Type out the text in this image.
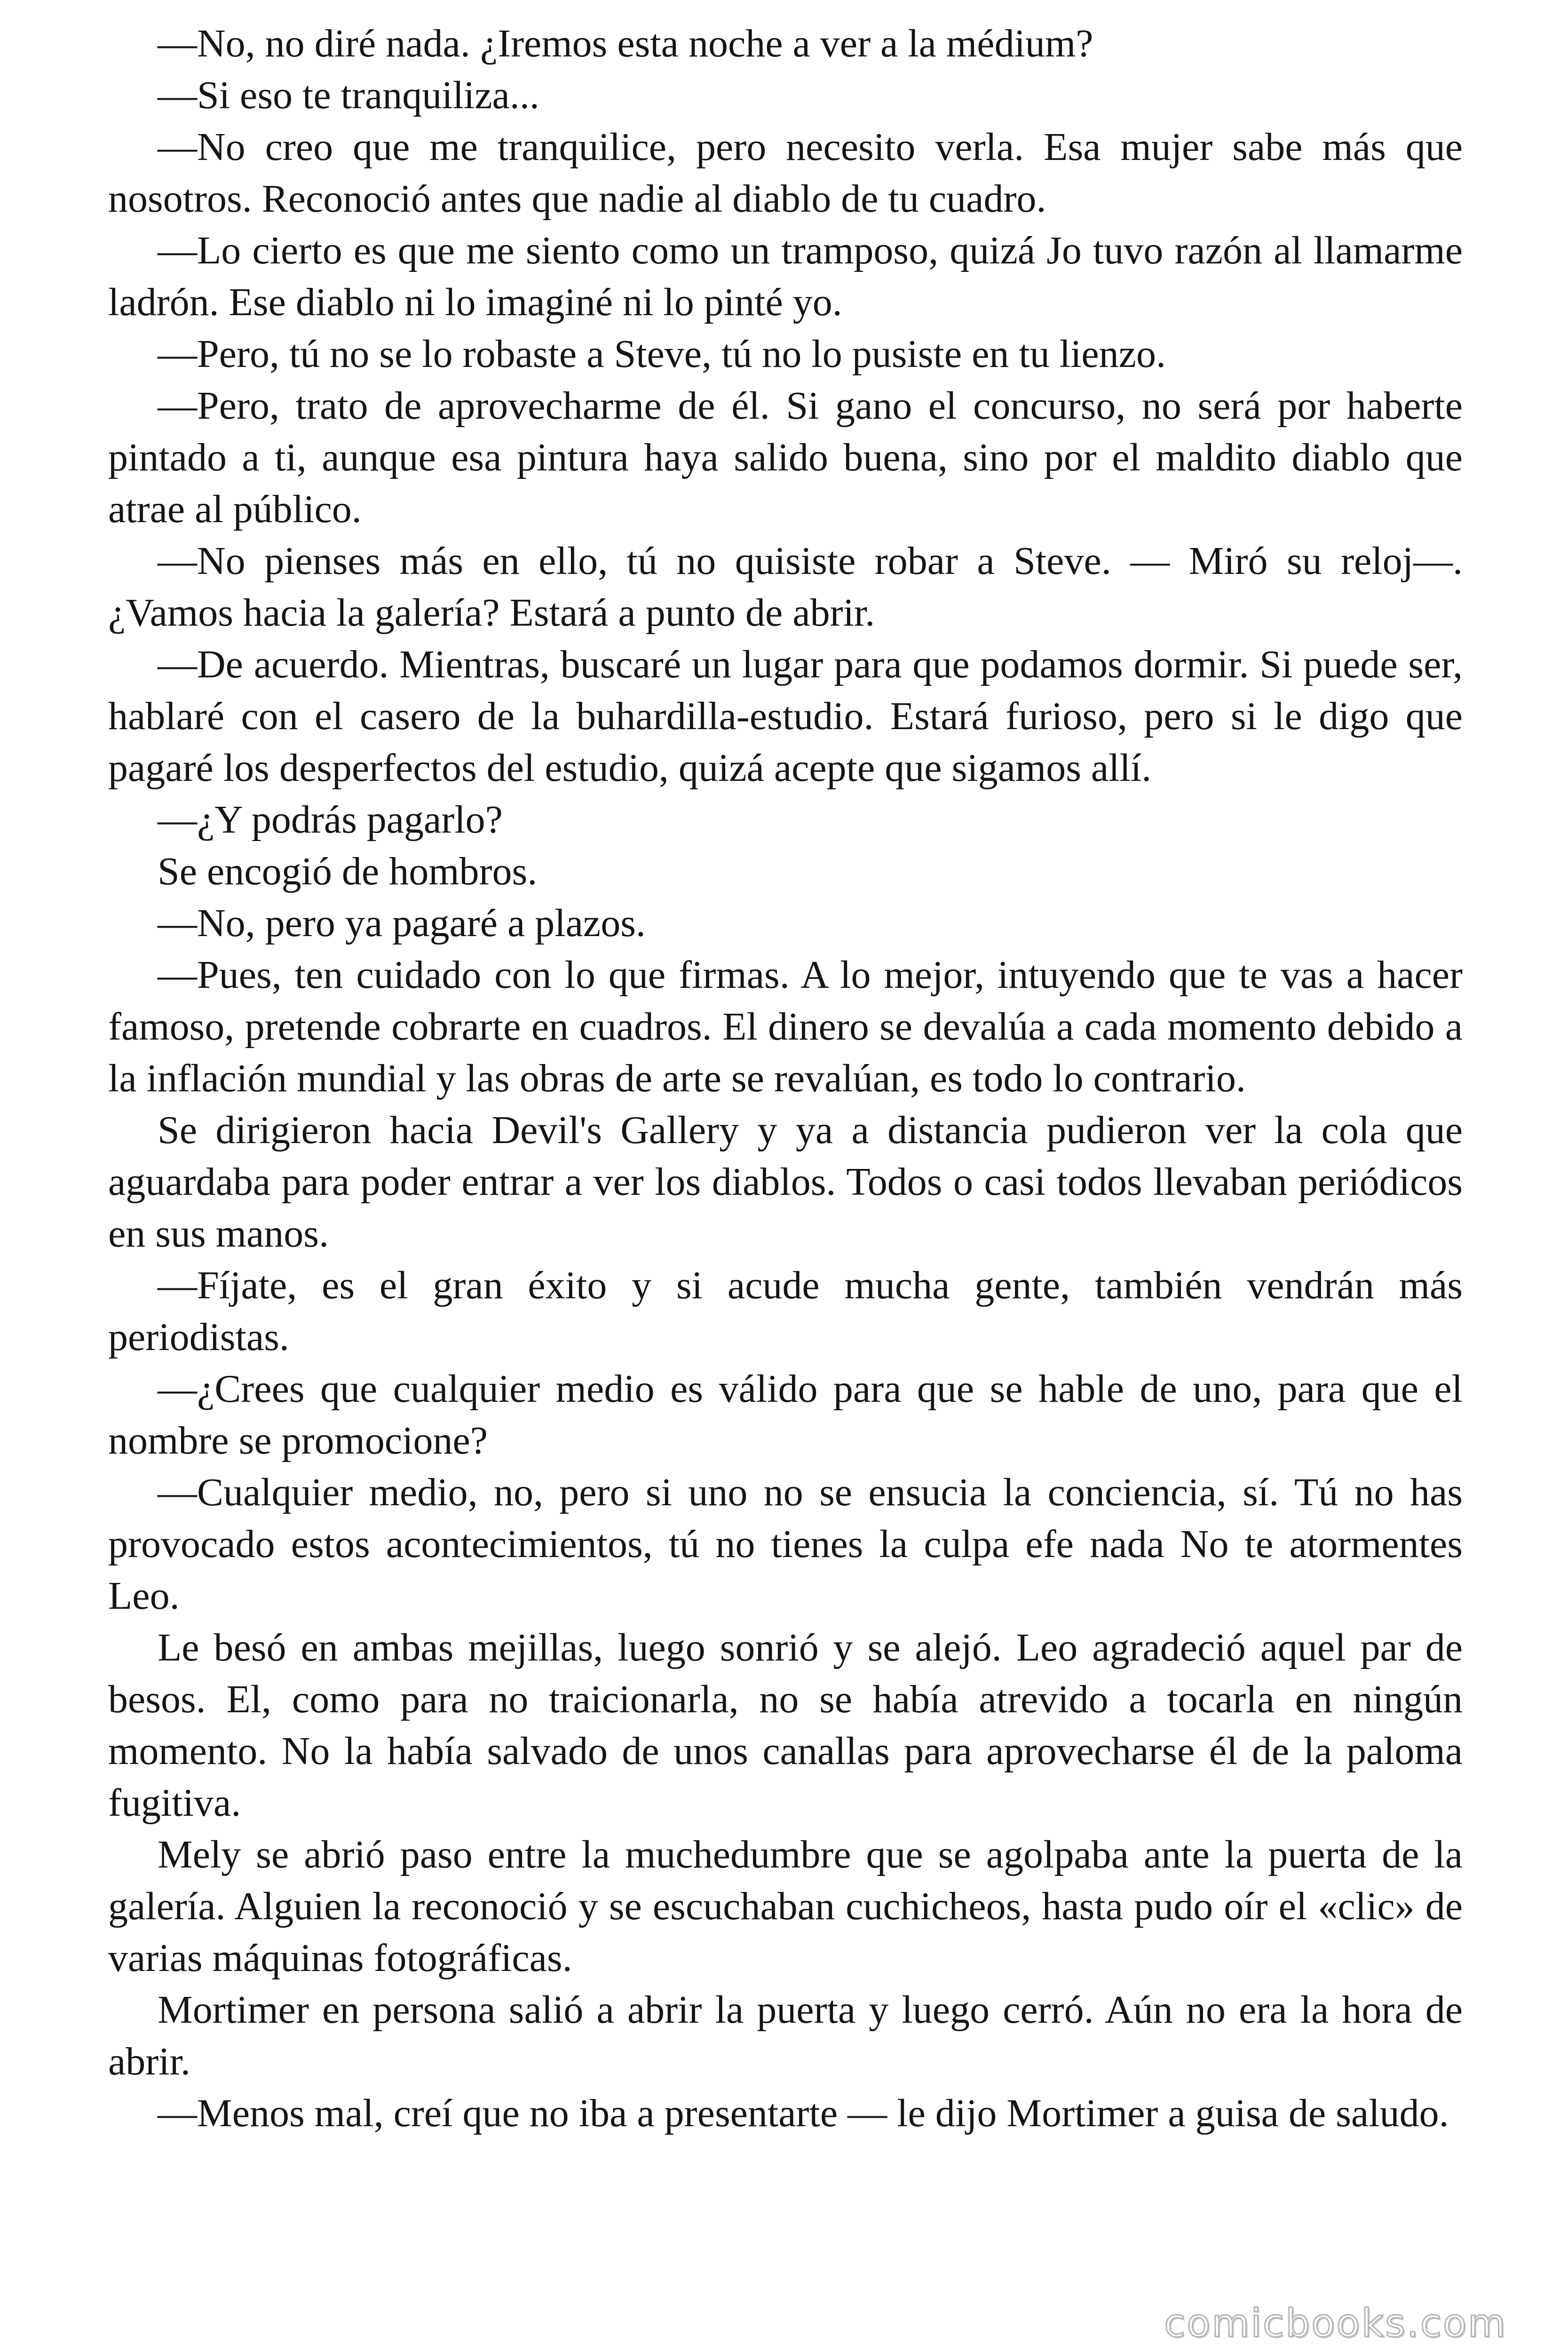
—No, no diré nada. ¿Iremos esta noche a ver a la médium?

—Si eso te tranquiliza...

—No creo que me tranquilice, pero necesito verla. Esa mujer sabe más que nosotros. Reconoció antes que nadie al diablo de tu cuadro.

—Lo cierto es que me siento como un tramposo, quizá Jo tuvo razón al llamarme ladrón. Ese diablo ni lo imaginé ni lo pinté yo.

—Pero, tú no se lo robaste a Steve, tú no lo pusiste en tu lienzo.

—Pero, trato de aprovecharme de él. Si gano el concurso, no será por haberte pintado a ti, aunque esa pintura haya salido buena, sino por el maldito diablo que atrae al público.

—No pienses más en ello, tú no quisiste robar a Steve. — Miró su reloj—. ¿Vamos hacia la galería? Estará a punto de abrir.

—De acuerdo. Mientras, buscaré un lugar para que podamos dormir. Si puede ser, hablaré con el casero de la buhardilla-estudio. Estará furioso, pero si le digo que pagaré los desperfectos del estudio, quizá acepte que sigamos allí.

—¿Y podrás pagarlo?

Se encogió de hombros.

—No, pero ya pagaré a plazos.

—Pues, ten cuidado con lo que firmas. A lo mejor, intuyendo que te vas a hacer famoso, pretende cobrarte en cuadros. El dinero se devalúa a cada momento debido a la inflación mundial y las obras de arte se revalúan, es todo lo contrario.

Se dirigieron hacia Devil's Gallery y ya a distancia pudieron ver la cola que aguardaba para poder entrar a ver los diablos. Todos o casi todos llevaban periódicos en sus manos.

—Fíjate, es el gran éxito y si acude mucha gente, también vendrán más periodistas.

—¿Crees que cualquier medio es válido para que se hable de uno, para que el nombre se promocione?

—Cualquier medio, no, pero si uno no se ensucia la conciencia, sí. Tú no has provocado estos acontecimientos, tú no tienes la culpa efe nada No te atormentes Leo.

Le besó en ambas mejillas, luego sonrió y se alejó. Leo agradeció aquel par de besos. El, como para no traicionarla, no se había atrevido a tocarla en ningún momento. No la había salvado de unos canallas para aprovecharse él de la paloma fugitiva.

Mely se abrió paso entre la muchedumbre que se agolpaba ante la puerta de la galería. Alguien la reconoció y se escuchaban cuchicheos, hasta pudo oír el «clic» de varias máquinas fotográficas.

Mortimer en persona salió a abrir la puerta y luego cerró. Aún no era la hora de abrir.

—Menos mal, creí que no iba a presentarte — le dijo Mortimer a guisa de saludo.

comicbooks.com
